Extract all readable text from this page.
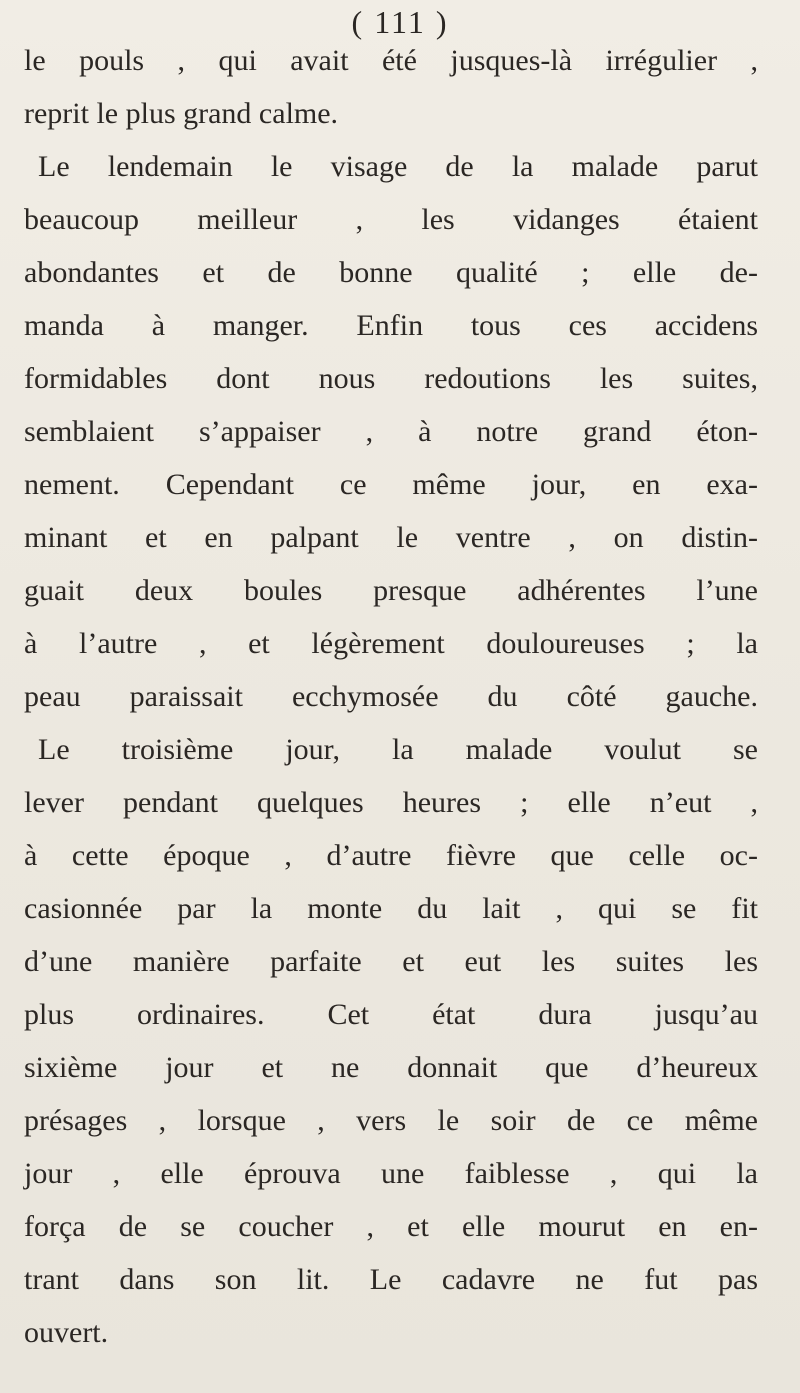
( 111 )
le pouls , qui avait été jusques-là irrégulier ,
reprit le plus grand calme.
Le lendemain le visage de la malade parut
beaucoup meilleur , les vidanges étaient
abondantes et de bonne qualité ; elle de-
manda à manger. Enfin tous ces accidens
formidables dont nous redoutions les suites,
semblaient s’appaiser , à notre grand éton-
nement. Cependant ce même jour, en exa-
minant et en palpant le ventre , on distin-
guait deux boules presque adhérentes l’une
à l’autre , et légèrement douloureuses ; la
peau paraissait ecchymosée du côté gauche.
Le troisième jour, la malade voulut se
lever pendant quelques heures ; elle n’eut ,
à cette époque , d’autre fièvre que celle oc-
casionnée par la monte du lait , qui se fit
d’une manière parfaite et eut les suites les
plus ordinaires. Cet état dura jusqu’au
sixième jour et ne donnait que d’heureux
présages , lorsque , vers le soir de ce même
jour , elle éprouva une faiblesse , qui la
força de se coucher , et elle mourut en en-
trant dans son lit. Le cadavre ne fut pas
ouvert.
